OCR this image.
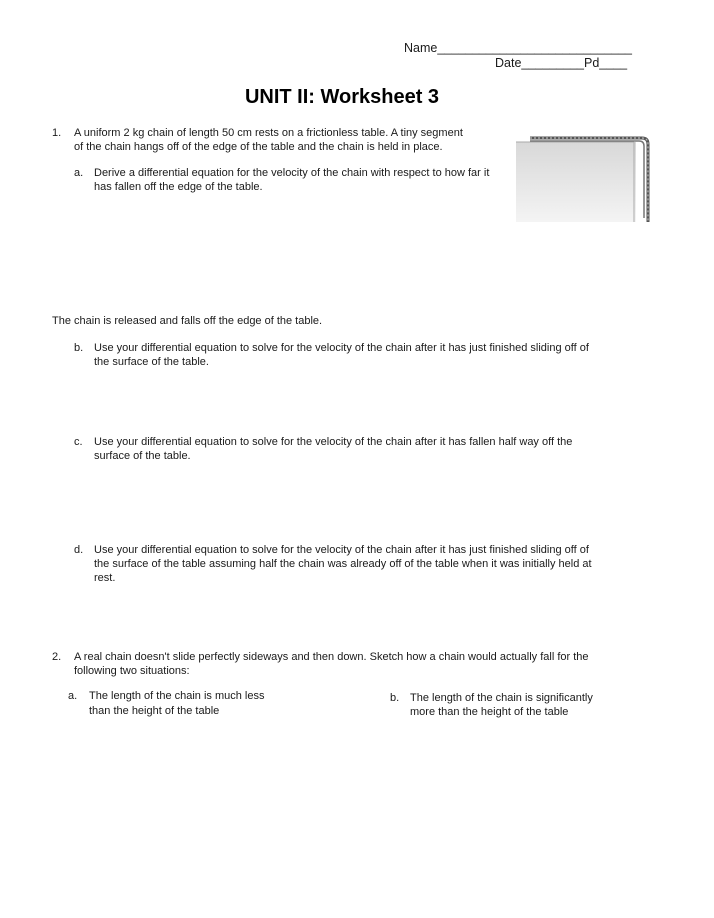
Name____________________________
Date_________Pd____
UNIT II: Worksheet 3
1. A uniform 2 kg chain of length 50 cm rests on a frictionless table. A tiny segment
of the chain hangs off of the edge of the table and the chain is held in place.
a. Derive a differential equation for the velocity of the chain with respect to how far it
has fallen off the edge of the table.
The chain is released and falls off the edge of the table.
b. Use your differential equation to solve for the velocity of the chain after it has just finished sliding off of
the surface of the table.
c. Use your differential equation to solve for the velocity of the chain after it has fallen half way off the
surface of the table.
d. Use your differential equation to solve for the velocity of the chain after it has just finished sliding off of
the surface of the table assuming half the chain was already off of the table when it was initially held at
rest.
2. A real chain doesn't slide perfectly sideways and then down. Sketch how a chain would actually fall for the
following two situations:
a. The length of the chain is much less
than the height of the table
b. The length of the chain is significantly
more than the height of the table
